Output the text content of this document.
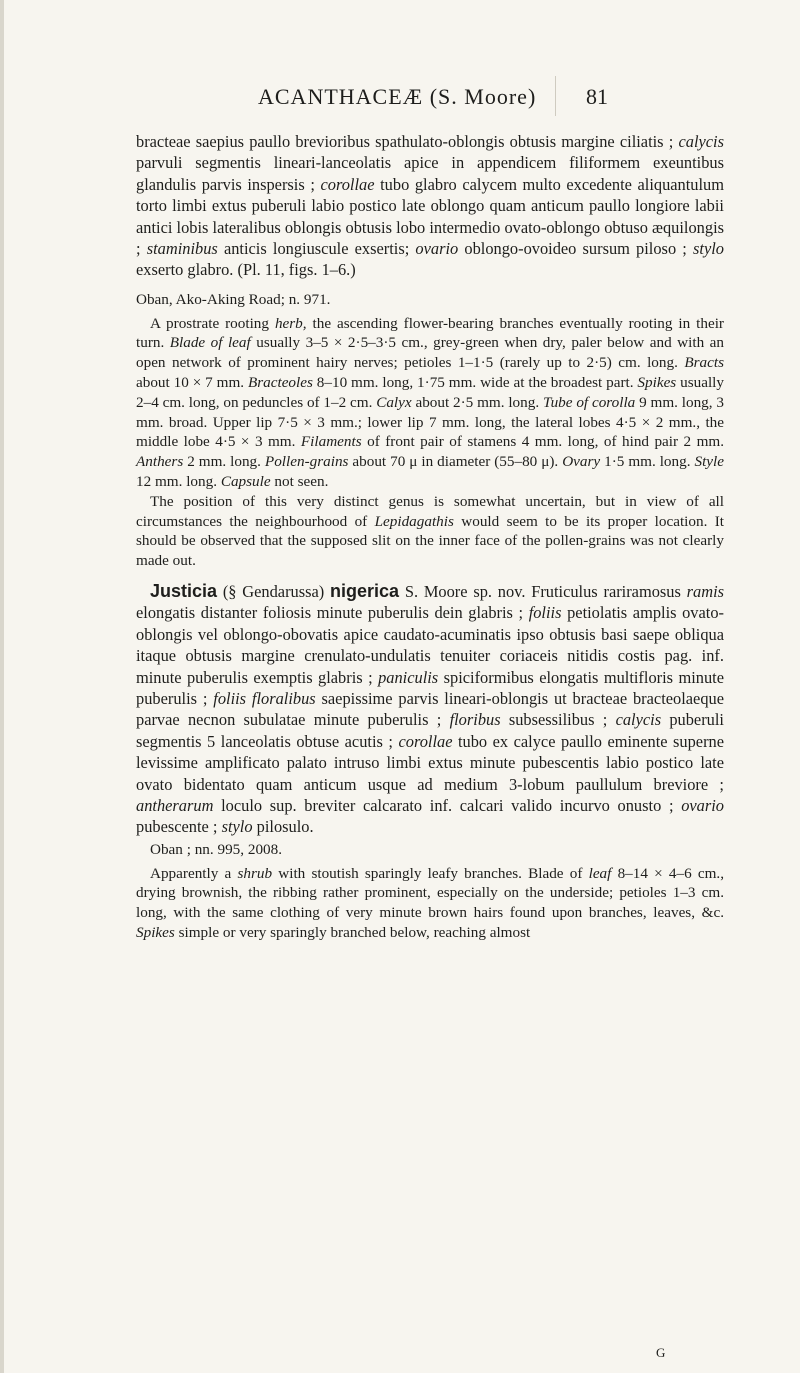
ACANTHACEÆ (S. Moore) 81

bracteae saepius paullo brevioribus spathulato-oblongis obtusis margine ciliatis ; calycis parvuli segmentis lineari-lanceolatis apice in appendicem filiformem exeuntibus glandulis parvis inspersis ; corollae tubo glabro calycem multo excedente aliquantulum torto limbi extus puberuli labio postico late oblongo quam anticum paullo longiore labii antici lobis lateralibus oblongis obtusis lobo intermedio ovato-oblongo obtuso æquilongis ; staminibus anticis longiuscule exsertis; ovario oblongo-ovoideo sursum piloso ; stylo exserto glabro. (Pl. 11, figs. 1–6.)

Oban, Ako-Aking Road; n. 971.

A prostrate rooting herb, the ascending flower-bearing branches eventually rooting in their turn. Blade of leaf usually 3–5 × 2·5–3·5 cm., grey-green when dry, paler below and with an open network of prominent hairy nerves; petioles 1–1·5 (rarely up to 2·5) cm. long. Bracts about 10 × 7 mm. Bracteoles 8–10 mm. long, 1·75 mm. wide at the broadest part. Spikes usually 2–4 cm. long, on peduncles of 1–2 cm. Calyx about 2·5 mm. long. Tube of corolla 9 mm. long, 3 mm. broad. Upper lip 7·5 × 3 mm.; lower lip 7 mm. long, the lateral lobes 4·5 × 2 mm., the middle lobe 4·5 × 3 mm. Filaments of front pair of stamens 4 mm. long, of hind pair 2 mm. Anthers 2 mm. long. Pollen-grains about 70 μ in diameter (55–80 μ). Ovary 1·5 mm. long. Style 12 mm. long. Capsule not seen.

The position of this very distinct genus is somewhat uncertain, but in view of all circumstances the neighbourhood of Lepidagathis would seem to be its proper location. It should be observed that the supposed slit on the inner face of the pollen-grains was not clearly made out.

Justicia (§ Gendarussa) nigerica S. Moore sp. nov. Fruticulus rariramosus ramis elongatis distanter foliosis minute puberulis dein glabris ; foliis petiolatis amplis ovato-oblongis vel oblongo-obovatis apice caudato-acuminatis ipso obtusis basi saepe obliqua itaque obtusis margine crenulato-undulatis tenuiter coriaceis nitidis costis pag. inf. minute puberulis exemptis glabris ; paniculis spiciformibus elongatis multifloris minute puberulis ; foliis floralibus saepissime parvis lineari-oblongis ut bracteae bracteolaeque parvae necnon subulatae minute puberulis ; floribus subsessilibus ; calycis puberuli segmentis 5 lanceolatis obtuse acutis ; corollae tubo ex calyce paullo eminente superne levissime amplificato palato intruso limbi extus minute pubescentis labio postico late ovato bidentato quam anticum usque ad medium 3-lobum paullulum breviore ; antherarum loculo sup. breviter calcarato inf. calcari valido incurvo onusto ; ovario pubescente ; stylo pilosulo.

Oban ; nn. 995, 2008.

Apparently a shrub with stoutish sparingly leafy branches. Blade of leaf 8–14 × 4–6 cm., drying brownish, the ribbing rather prominent, especially on the underside; petioles 1–3 cm. long, with the same clothing of very minute brown hairs found upon branches, leaves, &c. Spikes simple or very sparingly branched below, reaching almost

G
